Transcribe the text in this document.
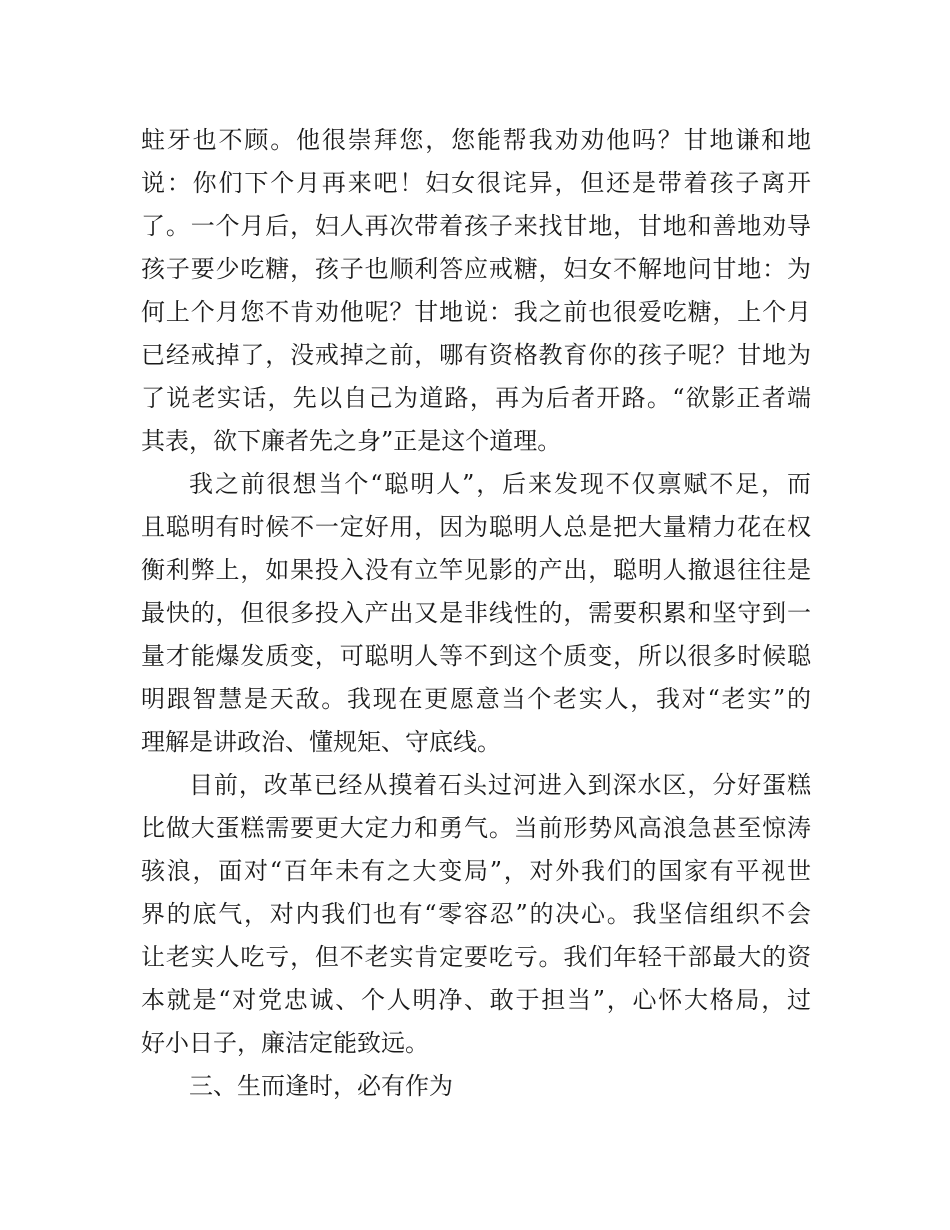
蛀牙也不顾。他很崇拜您，您能帮我劝劝他吗？甘地谦和地
说：你们下个月再来吧！妇女很诧异，但还是带着孩子离开
了。一个月后，妇人再次带着孩子来找甘地，甘地和善地劝导
孩子要少吃糖，孩子也顺利答应戒糖，妇女不解地问甘地：为
何上个月您不肯劝他呢？甘地说：我之前也很爱吃糖，上个月
已经戒掉了，没戒掉之前，哪有资格教育你的孩子呢？甘地为
了说老实话，先以自己为道路，再为后者开路。“欲影正者端
其表，欲下廉者先之身”正是这个道理。
我之前很想当个“聪明人”，后来发现不仅禀赋不足，而
且聪明有时候不一定好用，因为聪明人总是把大量精力花在权
衡利弊上，如果投入没有立竿见影的产出，聪明人撤退往往是
最快的，但很多投入产出又是非线性的，需要积累和坚守到一
量才能爆发质变，可聪明人等不到这个质变，所以很多时候聪
明跟智慧是天敌。我现在更愿意当个老实人，我对“老实”的
理解是讲政治、懂规矩、守底线。
目前，改革已经从摸着石头过河进入到深水区，分好蛋糕
比做大蛋糕需要更大定力和勇气。当前形势风高浪急甚至惊涛
骇浪，面对“百年未有之大变局”，对外我们的国家有平视世
界的底气，对内我们也有“零容忍”的决心。我坚信组织不会
让老实人吃亏，但不老实肯定要吃亏。我们年轻干部最大的资
本就是“对党忠诚、个人明净、敢于担当”，心怀大格局，过
好小日子，廉洁定能致远。
三、生而逢时，必有作为
